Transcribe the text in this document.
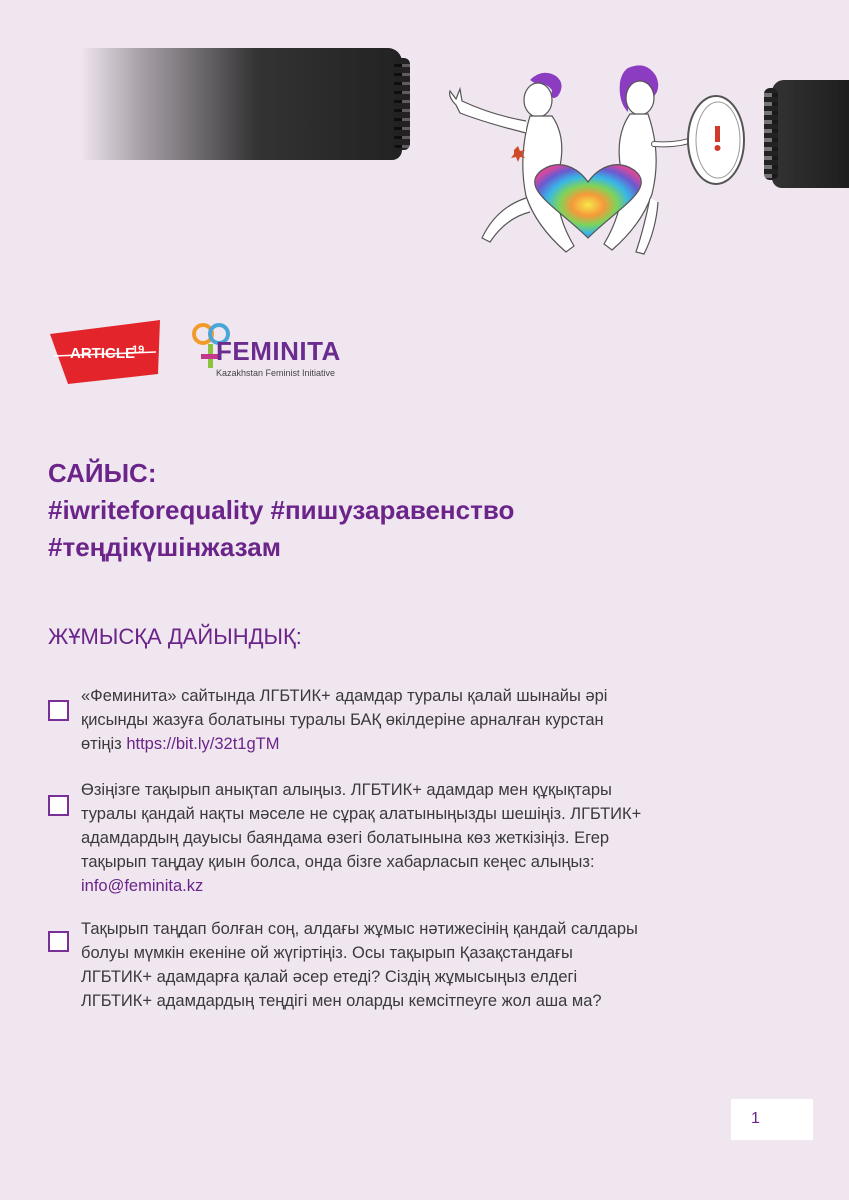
ARTICLE
19	FEMINITA
Kazakhstan Feminist Initiative
САЙЫС:
#iwriteforequality #пишузаравенство
#теңдікүшінжазам
ЖҰМЫСҚА ДАЙЫНДЫҚ:
«Феминита» сайтында ЛГБТИК+ адамдар туралы қалай шынайы әрі
қисынды жазуға болатыны туралы БАҚ өкілдеріне арналған курстан
өтіңіз https://bit.ly/32t1gTM
Өзіңізге тақырып анықтап алыңыз. ЛГБТИК+ адамдар мен құқықтары
туралы қандай нақты мәселе не сұрақ алатыныңызды шешіңіз. ЛГБТИК+
адамдардың дауысы баяндама өзегі болатынына көз жеткізіңіз. Егер
тақырып таңдау қиын болса, онда бізге хабарласып кеңес алыңыз:
info@feminita.kz
Тақырып таңдап болған соң, алдағы жұмыс нәтижесінің қандай салдары
болуы мүмкін екеніне ой жүгіртіңіз. Осы тақырып Қазақстандағы
ЛГБТИК+ адамдарға қалай әсер етеді? Сіздің жұмысыңыз елдегі
ЛГБТИК+ адамдардың теңдігі мен оларды кемсітпеуге жол аша ма?
1
